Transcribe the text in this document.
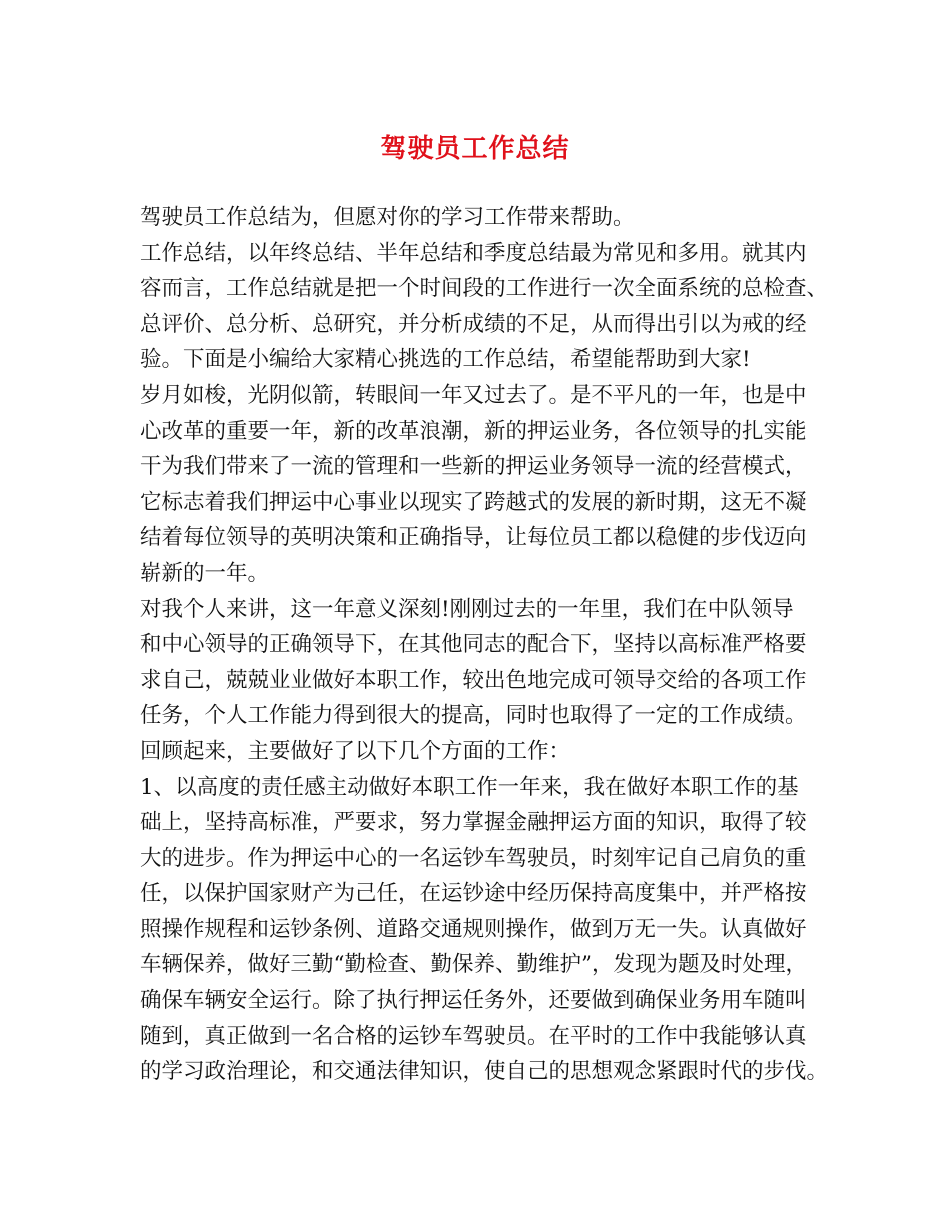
驾驶员工作总结
驾驶员工作总结为，但愿对你的学习工作带来帮助。
工作总结，以年终总结、半年总结和季度总结最为常见和多用。就其内
容而言，工作总结就是把一个时间段的工作进行一次全面系统的总检查、
总评价、总分析、总研究，并分析成绩的不足，从而得出引以为戒的经
验。下面是小编给大家精心挑选的工作总结，希望能帮助到大家!
岁月如梭，光阴似箭，转眼间一年又过去了。是不平凡的一年，也是中
心改革的重要一年，新的改革浪潮，新的押运业务，各位领导的扎实能
干为我们带来了一流的管理和一些新的押运业务领导一流的经营模式，
它标志着我们押运中心事业以现实了跨越式的发展的新时期，这无不凝
结着每位领导的英明决策和正确指导，让每位员工都以稳健的步伐迈向
崭新的一年。
对我个人来讲，这一年意义深刻!刚刚过去的一年里，我们在中队领导
和中心领导的正确领导下，在其他同志的配合下，坚持以高标准严格要
求自己，兢兢业业做好本职工作，较出色地完成可领导交给的各项工作
任务，个人工作能力得到很大的提高，同时也取得了一定的工作成绩。
回顾起来，主要做好了以下几个方面的工作：
1、以高度的责任感主动做好本职工作一年来，我在做好本职工作的基
础上，坚持高标准，严要求，努力掌握金融押运方面的知识，取得了较
大的进步。作为押运中心的一名运钞车驾驶员，时刻牢记自己肩负的重
任，以保护国家财产为己任，在运钞途中经历保持高度集中，并严格按
照操作规程和运钞条例、道路交通规则操作，做到万无一失。认真做好
车辆保养，做好三勤“勤检查、勤保养、勤维护”，发现为题及时处理，
确保车辆安全运行。除了执行押运任务外，还要做到确保业务用车随叫
随到，真正做到一名合格的运钞车驾驶员。在平时的工作中我能够认真
的学习政治理论，和交通法律知识，使自己的思想观念紧跟时代的步伐。
